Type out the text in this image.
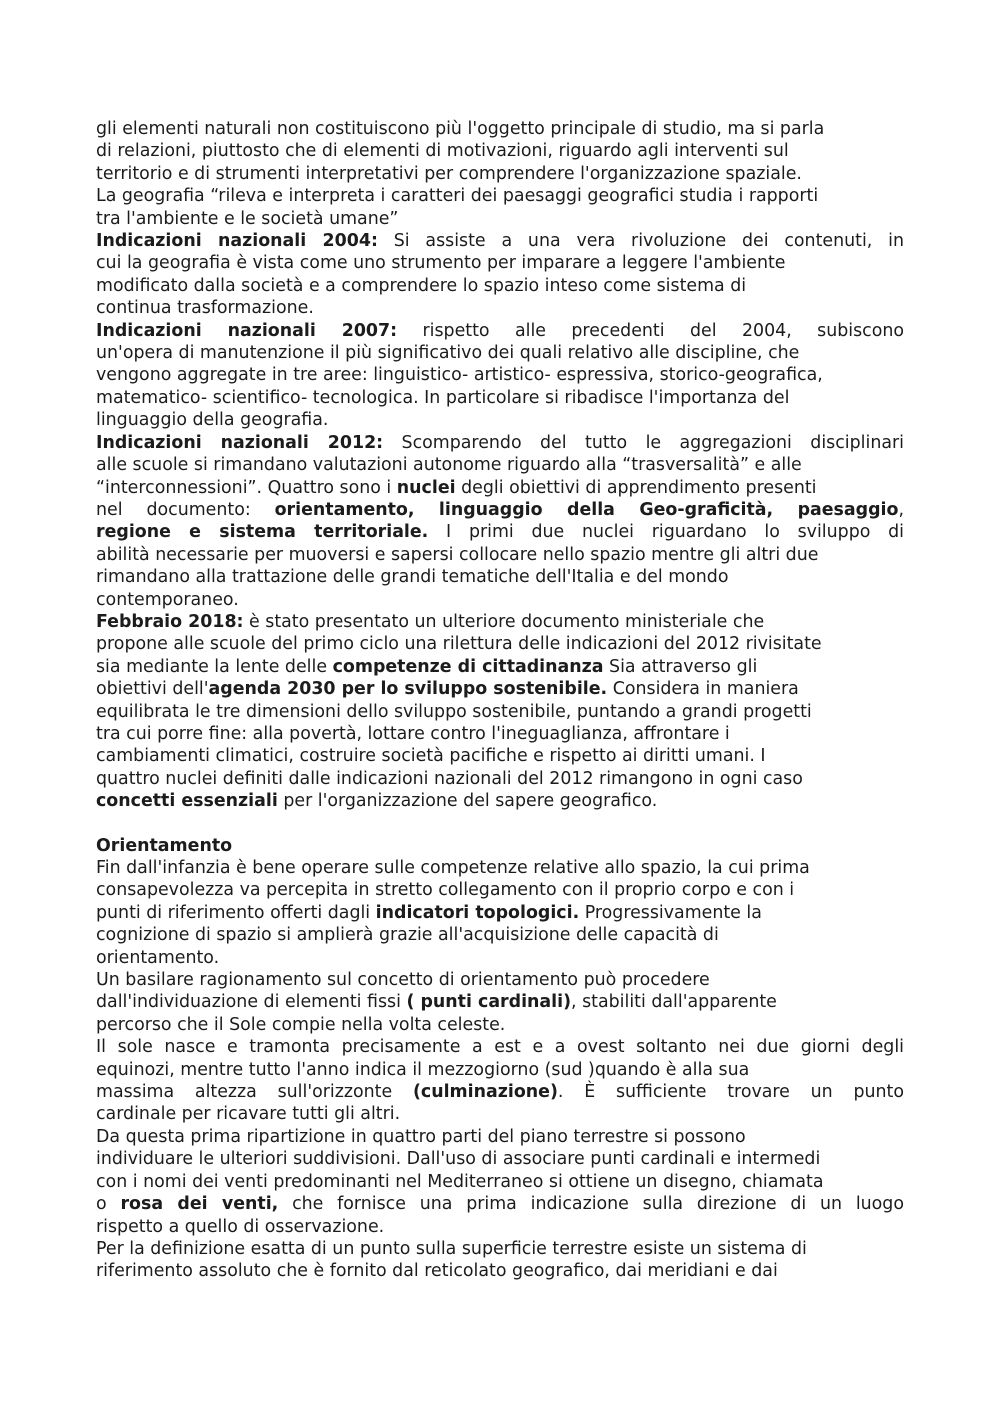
gli elementi naturali non costituiscono più l'oggetto principale di studio, ma si parla
di relazioni, piuttosto che di elementi di motivazioni, riguardo agli interventi sul
territorio e di strumenti interpretativi per comprendere l'organizzazione spaziale.
La geografia “rileva e interpreta i caratteri dei paesaggi geografici studia i rapporti
tra l'ambiente e le società umane”

Indicazioni nazionali 2004: Si assiste a una vera rivoluzione dei contenuti, in
cui la geografia è vista come uno strumento per imparare a leggere l'ambiente
modificato dalla società e a comprendere lo spazio inteso come sistema di
continua trasformazione.

Indicazioni nazionali 2007: rispetto alle precedenti del 2004, subiscono
un'opera di manutenzione il più significativo dei quali relativo alle discipline, che
vengono aggregate in tre aree: linguistico- artistico- espressiva, storico-geografica,
matematico- scientifico- tecnologica. In particolare si ribadisce l'importanza del
linguaggio della geografia.

Indicazioni nazionali 2012: Scomparendo del tutto le aggregazioni disciplinari
alle scuole si rimandano valutazioni autonome riguardo alla “trasversalità” e alle
“interconnessioni”. Quattro sono i nuclei degli obiettivi di apprendimento presenti
nel documento: orientamento, linguaggio della Geo-graficità, paesaggio,
regione e sistema territoriale. I primi due nuclei riguardano lo sviluppo di
abilità necessarie per muoversi e sapersi collocare nello spazio mentre gli altri due
rimandano alla trattazione delle grandi tematiche dell'Italia e del mondo
contemporaneo.

Febbraio 2018: è stato presentato un ulteriore documento ministeriale che
propone alle scuole del primo ciclo una rilettura delle indicazioni del 2012 rivisitate
sia mediante la lente delle competenze di cittadinanza Sia attraverso gli
obiettivi dell'agenda 2030 per lo sviluppo sostenibile. Considera in maniera
equilibrata le tre dimensioni dello sviluppo sostenibile, puntando a grandi progetti
tra cui porre fine: alla povertà, lottare contro l'ineguaglianza, affrontare i
cambiamenti climatici, costruire società pacifiche e rispetto ai diritti umani. I
quattro nuclei definiti dalle indicazioni nazionali del 2012 rimangono in ogni caso
concetti essenziali per l'organizzazione del sapere geografico.

Orientamento
Fin dall'infanzia è bene operare sulle competenze relative allo spazio, la cui prima
consapevolezza va percepita in stretto collegamento con il proprio corpo e con i
punti di riferimento offerti dagli indicatori topologici. Progressivamente la
cognizione di spazio si amplierà grazie all'acquisizione delle capacità di
orientamento.
Un basilare ragionamento sul concetto di orientamento può procedere
dall'individuazione di elementi fissi ( punti cardinali), stabiliti dall'apparente
percorso che il Sole compie nella volta celeste.
Il sole nasce e tramonta precisamente a est e a ovest soltanto nei due giorni degli
equinozi, mentre tutto l'anno indica il mezzogiorno (sud )quando è alla sua
massima altezza sull'orizzonte (culminazione). È sufficiente trovare un punto
cardinale per ricavare tutti gli altri.
Da questa prima ripartizione in quattro parti del piano terrestre si possono
individuare le ulteriori suddivisioni. Dall'uso di associare punti cardinali e intermedi
con i nomi dei venti predominanti nel Mediterraneo si ottiene un disegno, chiamata
o rosa dei venti, che fornisce una prima indicazione sulla direzione di un luogo
rispetto a quello di osservazione.
Per la definizione esatta di un punto sulla superficie terrestre esiste un sistema di
riferimento assoluto che è fornito dal reticolato geografico, dai meridiani e dai
